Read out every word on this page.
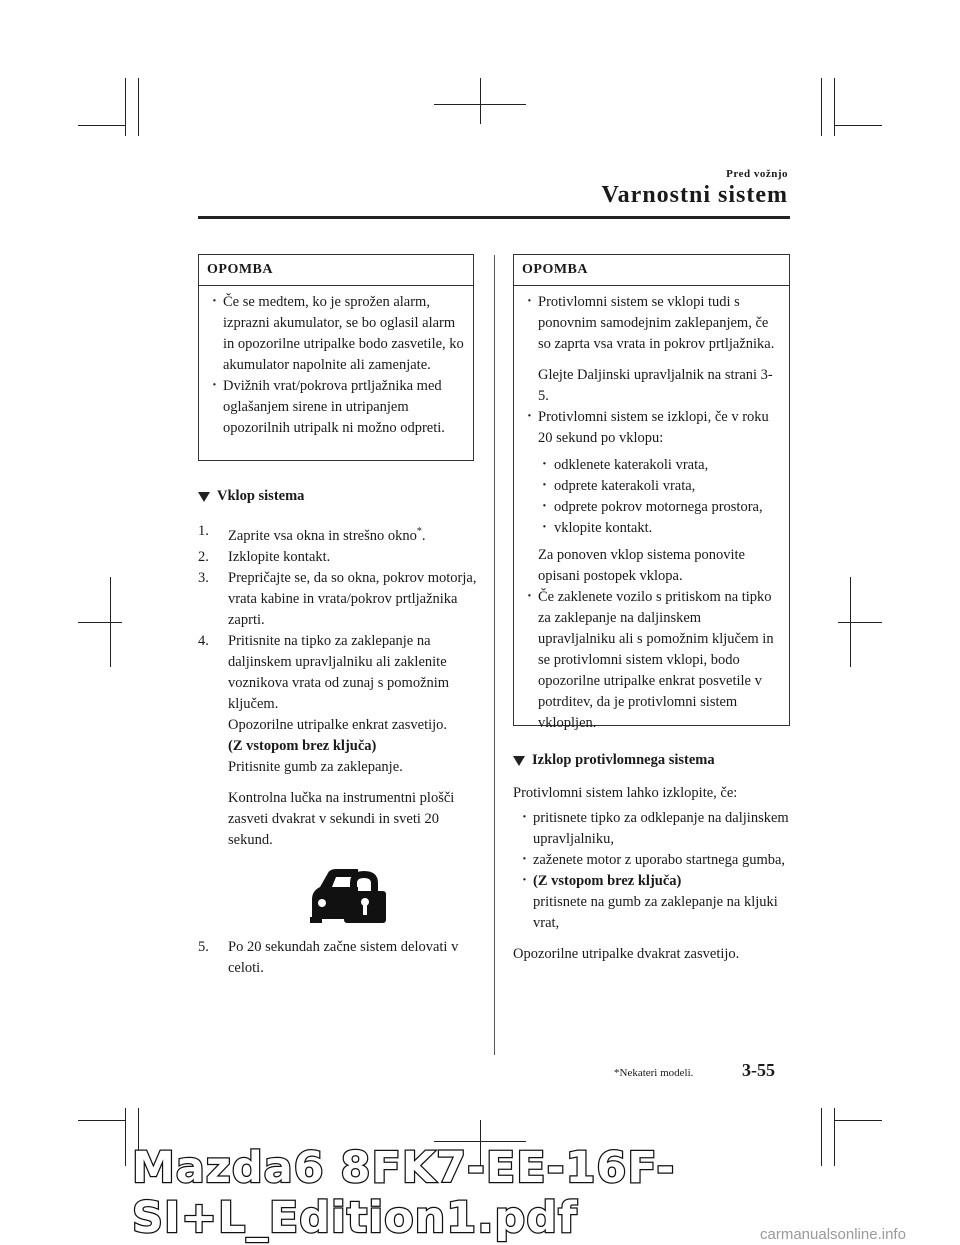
Pred vožnjo
Varnostni sistem
OPOMBA
· Če se medtem, ko je sprožen alarm, izprazni akumulator, se bo oglasil alarm in opozorilne utripalke bodo zasvetile, ko akumulator napolnite ali zamenjate.
· Dvižnih vrat/pokrova prtljažnika med oglašanjem sirene in utripanjem opozorilnih utripalk ni možno odpreti.
Vklop sistema
1. Zaprite vsa okna in strešno okno*.
2. Izklopite kontakt.
3. Prepričajte se, da so okna, pokrov motorja, vrata kabine in vrata/pokrov prtljažnika zaprti.
4. Pritisnite na tipko za zaklepanje na daljinskem upravljalniku ali zaklenite voznikova vrata od zunaj s pomožnim ključem.
Opozorilne utripalke enkrat zasvetijo.
(Z vstopom brez ključa)
Pritisnite gumb za zaklepanje.
Kontrolna lučka na instrumentni plošči zasveti dvakrat v sekundi in sveti 20 sekund.
5. Po 20 sekundah začne sistem delovati v celoti.
OPOMBA
· Protivlomni sistem se vklopi tudi s ponovnim samodejnim zaklepanjem, če so zaprta vsa vrata in pokrov prtljažnika.
Glejte Daljinski upravljalnik na strani 3-5.
· Protivlomni sistem se izklopi, če v roku 20 sekund po vklopu:
· odklenete katerakoli vrata,
· odprete katerakoli vrata,
· odprete pokrov motornega prostora,
· vklopite kontakt.
Za ponoven vklop sistema ponovite opisani postopek vklopa.
· Če zaklenete vozilo s pritiskom na tipko za zaklepanje na daljinskem upravljalniku ali s pomožnim ključem in se protivlomni sistem vklopi, bodo opozorilne utripalke enkrat posvetile v potrditev, da je protivlomni sistem vklopljen.
Izklop protivlomnega sistema
Protivlomni sistem lahko izklopite, če:
· pritisnete tipko za odklepanje na daljinskem upravljalniku,
· zaženete motor z uporabo startnega gumba,
· (Z vstopom brez ključa)
pritisnete na gumb za zaklepanje na kljuki vrat,
Opozorilne utripalke dvakrat zasvetijo.
*Nekateri modeli.	3-55
Mazda6 8FK7-EE-16F-SI+L_Edition1.pdf	carmanualsonline.info
